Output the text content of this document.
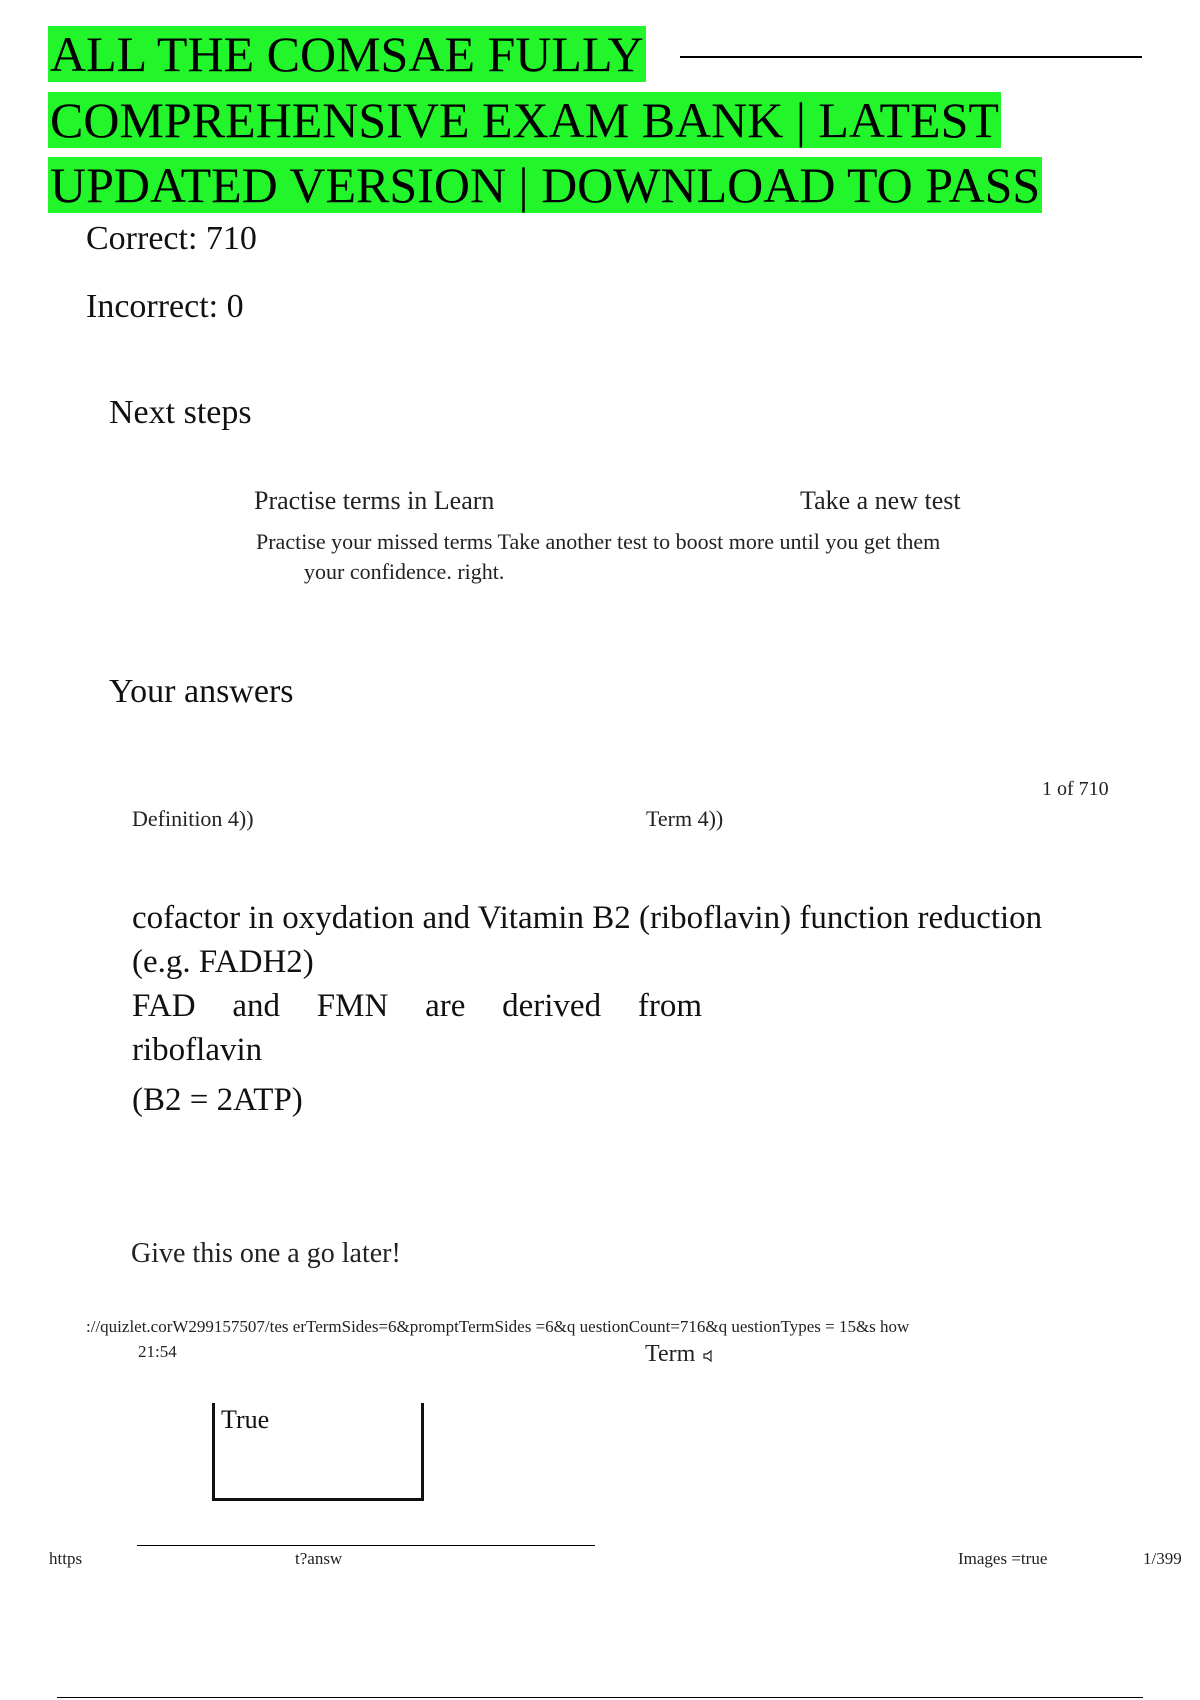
ALL THE COMSAE FULLY
COMPREHENSIVE EXAM BANK | LATEST
UPDATED VERSION | DOWNLOAD TO PASS
Correct: 710
Incorrect: 0
Next steps
Practise terms in Learn	Take a new test
Practise your missed terms Take another test to boost more until you get them
your confidence. right.
Your answers
1 of 710
Definition 4))	Term 4))
cofactor in oxydation and Vitamin B2 (riboflavin) function reduction
(e.g. FADH2)
FAD and FMN are derived from
riboflavin
(B2 = 2ATP)
Give this one a go later!
://quizlet.corW299157507/tes erTermSides=6&promptTermSides =6&q uestionCount=716&q uestionTypes = 15&s how
21:54	Term
True
https	t?answ	Images =true	1/399
